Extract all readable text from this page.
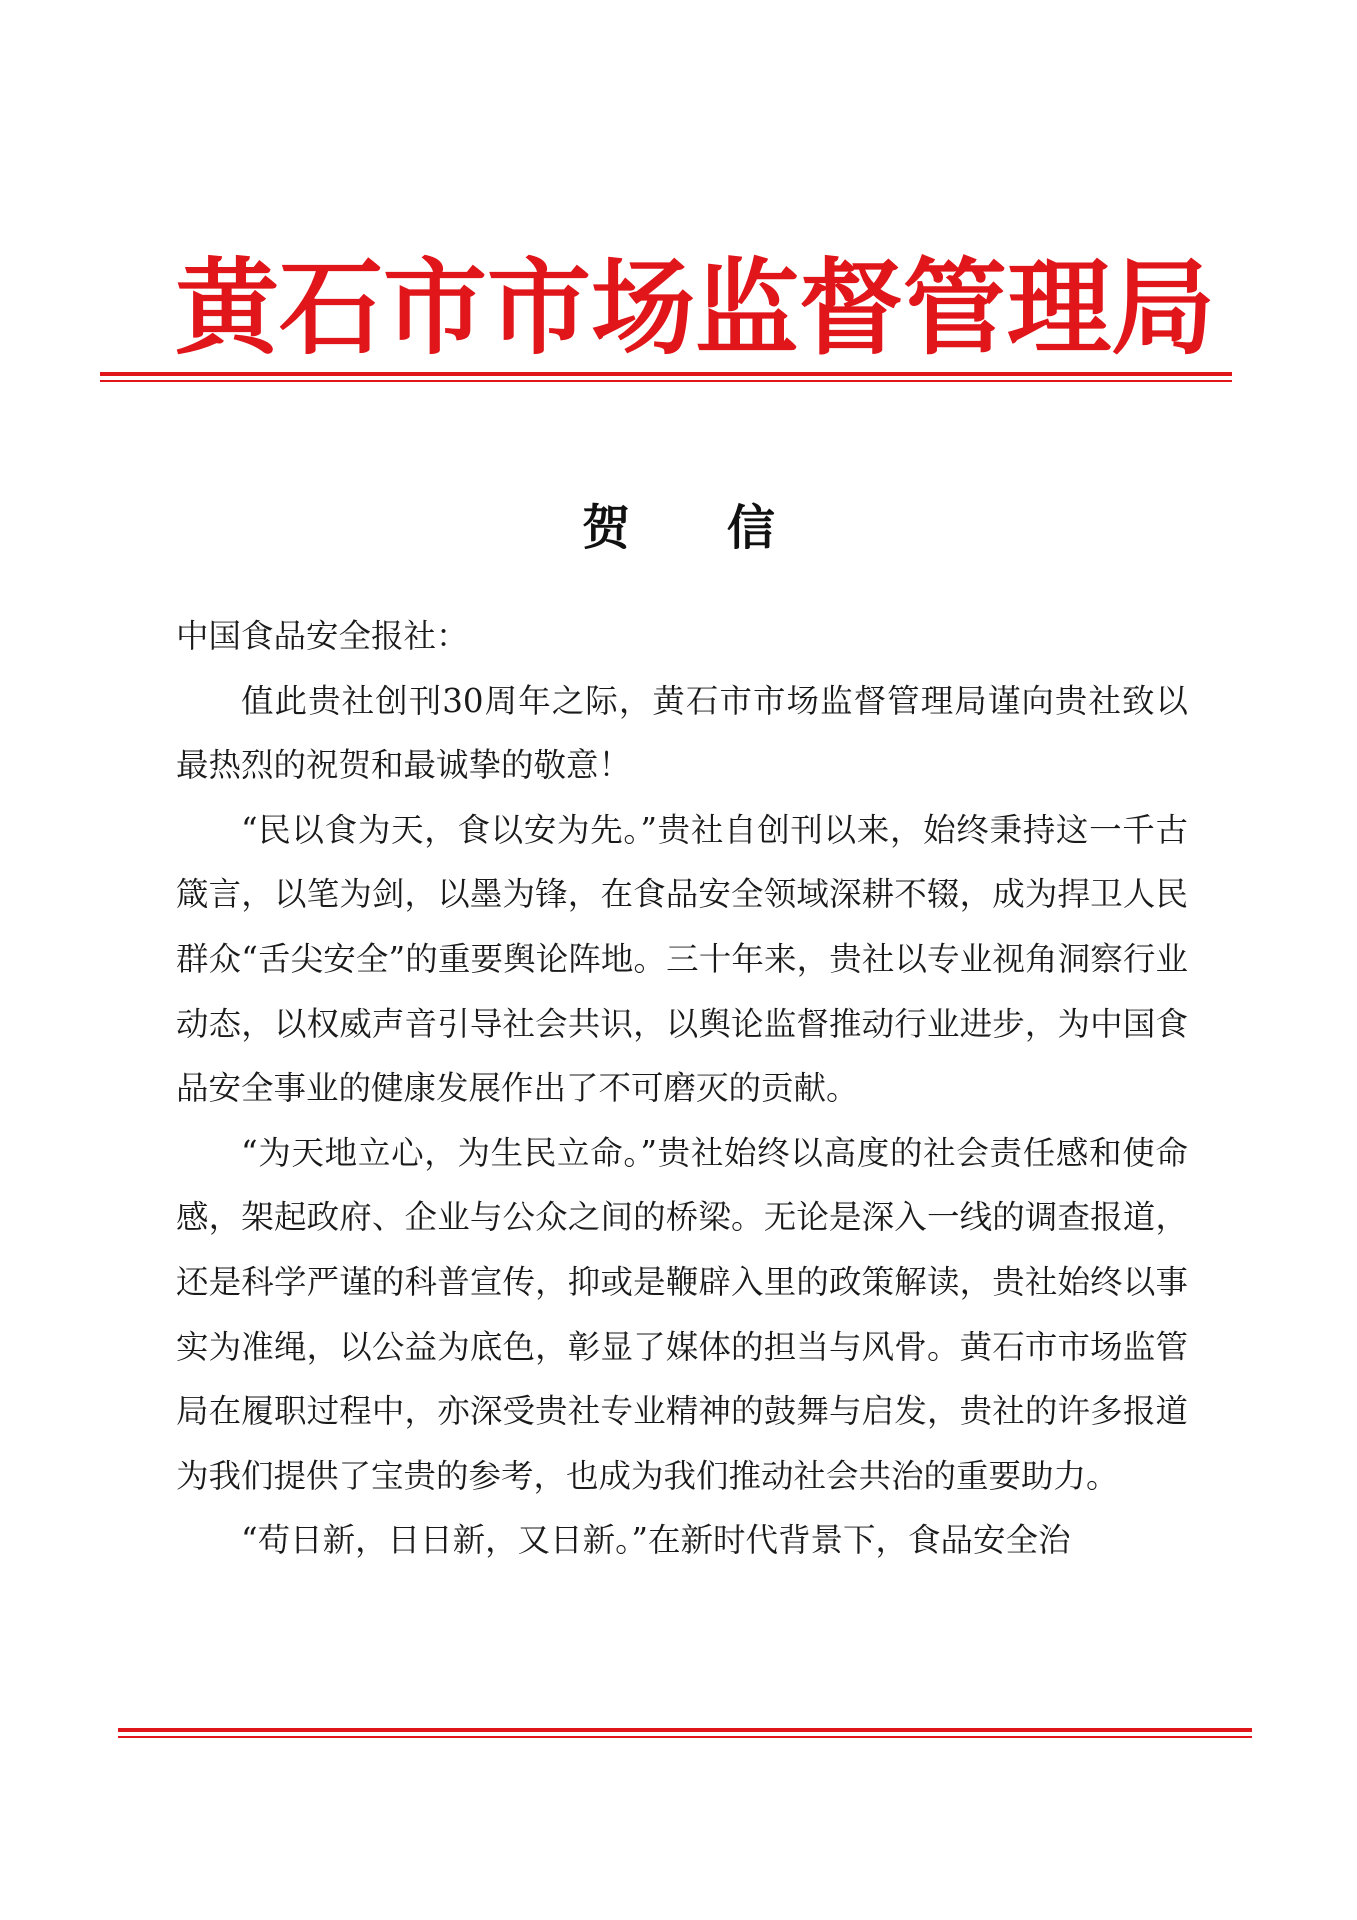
黄石市市场监督管理局
贺 信

中国食品安全报社：

值此贵社创刊30周年之际，黄石市市场监督管理局谨向贵社致以最热烈的祝贺和最诚挚的敬意！

“民以食为天，食以安为先。”贵社自创刊以来，始终秉持这一千古箴言，以笔为剑，以墨为锋，在食品安全领域深耕不辍，成为捍卫人民群众“舌尖安全”的重要舆论阵地。三十年来，贵社以专业视角洞察行业动态，以权威声音引导社会共识，以舆论监督推动行业进步，为中国食品安全事业的健康发展作出了不可磨灭的贡献。

“为天地立心，为生民立命。”贵社始终以高度的社会责任感和使命感，架起政府、企业与公众之间的桥梁。无论是深入一线的调查报道，还是科学严谨的科普宣传，抑或是鞭辟入里的政策解读，贵社始终以事实为准绳，以公益为底色，彰显了媒体的担当与风骨。黄石市市场监管局在履职过程中，亦深受贵社专业精神的鼓舞与启发，贵社的许多报道为我们提供了宝贵的参考，也成为我们推动社会共治的重要助力。

“苟日新，日日新，又日新。”在新时代背景下，食品安全治
